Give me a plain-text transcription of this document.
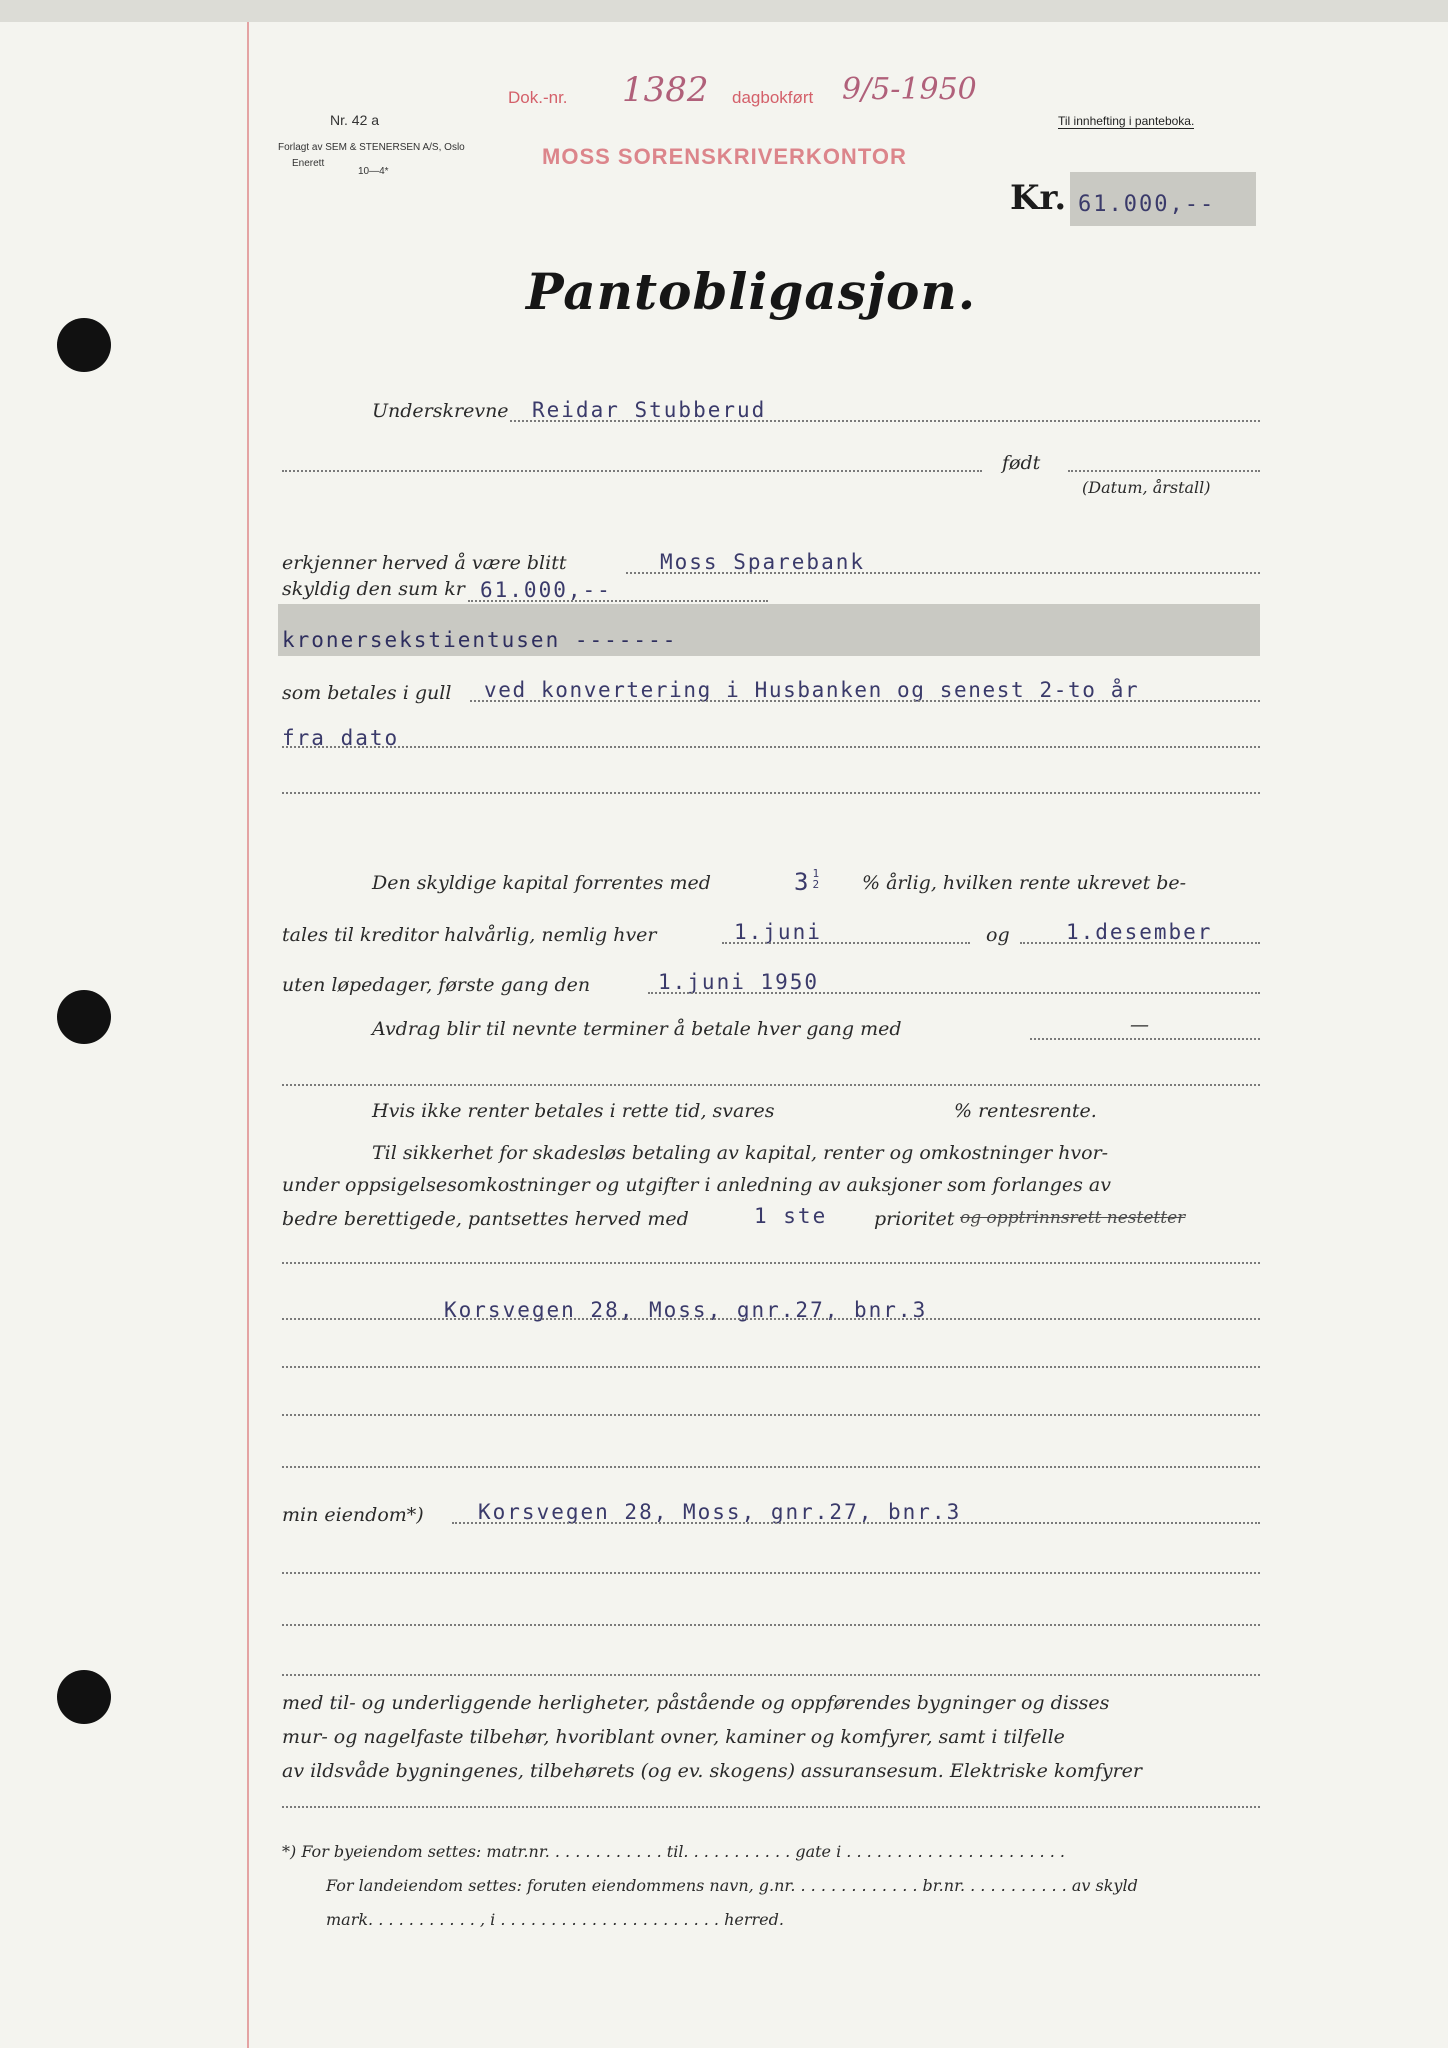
Nr. 42 a
Forlagt av SEM & STENERSEN A/S, Oslo
Enerett
10—4*
Dok.-nr. 1382 dagbokført 9/5-1950
MOSS SORENSKRIVERKONTOR
Til innhefting i panteboka.
Kr. 61.000,--
Pantobligasjon.
Underskrevne Reidar Stubberud
født
(Datum, årstall)
erkjenner herved å være blitt	Moss Sparebank
skyldig den sum kr 61.000,--
kronersekstientusen -------
som betales i gull ved konvertering i Husbanken og senest 2-to år
fra dato
Den skyldige kapital forrentes med	3 1
2 % årlig, hvilken rente ukrevet be-
tales til kreditor halvårlig, nemlig hver	1.juni	og	1.desember
uten løpedager, første gang den	1.juni 1950
Avdrag blir til nevnte terminer å betale hver gang med	—
Hvis ikke renter betales i rette tid, svares	% rentesrente.
Til sikkerhet for skadesløs betaling av kapital, renter og omkostninger hvor-
under oppsigelsesomkostninger og utgifter i anledning av auksjoner som forlanges av
bedre berettigede, pantsettes herved med	1 ste prioritet og opptrinnsrett nestetter
Korsvegen 28, Moss, gnr.27, bnr.3
min eiendom*)	Korsvegen 28, Moss, gnr.27, bnr.3
med til- og underliggende herligheter, påstående og oppførendes bygninger og disses
mur- og nagelfaste tilbehør, hvoriblant ovner, kaminer og komfyrer, samt i tilfelle
av ildsvåde bygningenes, tilbehørets (og ev. skogens) assuransesum. Elektriske komfyrer
*) For byeiendom settes: matr.nr. . . . . . . . . . . . til. . . . . . . . . . . gate i . . . . . . . . . . . . . . . . . . . . . .
For landeiendom settes: foruten eiendommens navn, g.nr. . . . . . . . . . . . . br.nr. . . . . . . . . . . av skyld
mark. . . . . . . . . . . , i . . . . . . . . . . . . . . . . . . . . . . herred.
